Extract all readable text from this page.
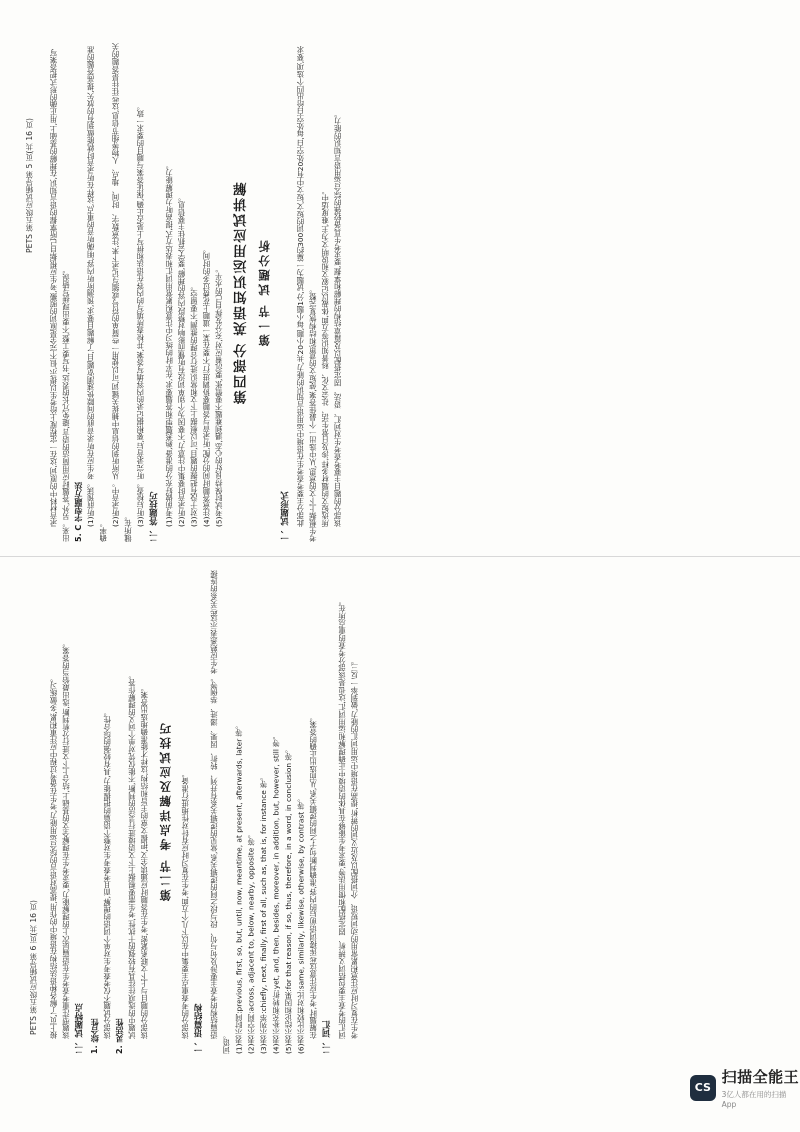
录音材料中的原词,这在一定程度上给考生以提示,但不完全是原词的照搬,考生应根据自己所掌握的语言知识,在理解的基础上,用正确的形式把答案写出来。另外,答题时应用简洁的语言,避免冗长的表达,书写要工整,不要出现拼写错误。 5. C 字型题方法 (1)听前预读。考生应在听录音前的间隙快速浏览题目,了解题目要求,预测所听内容,明确听音的重点,这样在听录音时就能做到有的放矢,提高答题的准确率。

(2)听录音中。从所听到的信息中捕捉关键词,可以使用一些简单的符号或缩写记录下来,注意数字、时间、地点、人物等细节信息,这些往往是答题的关键所在。 (3)听后检查。听完录音后,要根据记录的内容填写答案,并检查所填写的内容在语法和拼写上是否正确,保证答案与题目的要求一致。 二、答题技巧 (1)考前做好充分的准备,熟悉题型和答题要求,在平时的练习中注意积累常用词汇和表达方式,提高听力理解能力。 (2)听录音时要集中注意力,不要因为个别单词没有听懂而影响对整段内容的理解,要学会抓住主要信息。 (3)对于没有把握的题目,可以根据上下文和常识进行合理的推测,不要留空。 (4)注意答题时间的分配,听录音与答题要协调进行,不要在某一道题上花费过多的时间。 (5)考试时保持良好的心态,遇到难题不要慌张,要沉着应对,充分发挥自己的水平。 第四部分 英语知识运用应试讲解 第一节 试题分析

一、试题形式 此部分主要考查考生在语境中运用语言知识的能力,共20小题,每小题1分,试题为一篇约300词的短文,短文中有20处空白,每处空白给出四个选项,要求考生根据上下文的意思,从中选出一个最佳答案,使短文的意思和结构恢复完整。 所选短文的题材多样,涉及日常生活、社会文化、科普知识等方面,体裁以记叙文和说明文为主,难度适中。 该部分的题目主要考查考生对词汇、语法、固定搭配以及篇章结构的理解和掌握,要求考生具备较强的综合运用语言知识的能力。

PETS 第五级应试辅导第 5 页(共 16 页)

接上页,了解各种语法结构在语境中的作用,提高对语言的综合运用能力,考生在备考过程中应注重积累,多做练习。 该题型注重考查考生在语篇层次上的理解能力,要求考生在理解全文的基础上,结合上下文进行分析判断,选出最恰当的答案。 二、试题特点 1. 综合性 该部分试题不仅考查考生对单个词语的理解,而且考查考生对整个语篇的把握能力,具有较强的综合性。 2. 灵活性 试题中的选项往往具有较强的干扰性,考生需要根据上下文语境进行灵活的判断,不能仅凭对单个词义的理解作答。 该部分的题目与上下文联系紧密,考生在答题时应通读全文,把握文章的主旨和结构,这样才能准确地选出答案。 第二节 考点详解及应试技巧 该部分的考查重点主要集中在以下几个方面,考生在复习时应有针对性地进行准备。 一、语篇结构 语篇结构的考查主要涉及句与句、段与段之间的逻辑关系,常见的逻辑关系有并列、转折、因果、递进、举例等。考生应熟悉表示这些关系的连接词语。 (1)表示时间:previous, first, so, but, until, now, meantime, at present, afterwards, later 等。 (2)表示空间:across, adjacent to, below, nearby, opposite 等。 (3)表示列举:chiefly, next, finally, first of all, such as, that is, for instance 等。 (4)表示补充和转折:yet, and, then, besides, moreover, in addition, but, however, still 等。 (5)表示结论和因果:for that reason, if so, thus, therefore, in a word, in conclusion 等。 (6)表示比较和对比:same, similarly, likewise, otherwise, by contrast 等。 在解题时,考生应注意这些连接词语前后的内容,准确判断句子之间的逻辑关系,从而选出正确的答案。 二、词汇 词汇的考查主要包括词义辨析、固定搭配和惯用法等,要求考生能够在具体的语境中正确理解和运用词汇,这也是该部分考查的重点所在。 考生在复习时应注意积累常用的动词短语、介词搭配以及近义词的辨析,提高在语境中运用词汇的能力,做到举一反三。

PETS 第五级应试辅导第 6 页(共 16 页)
CS
扫描全能王
3亿人都在用的扫描App
